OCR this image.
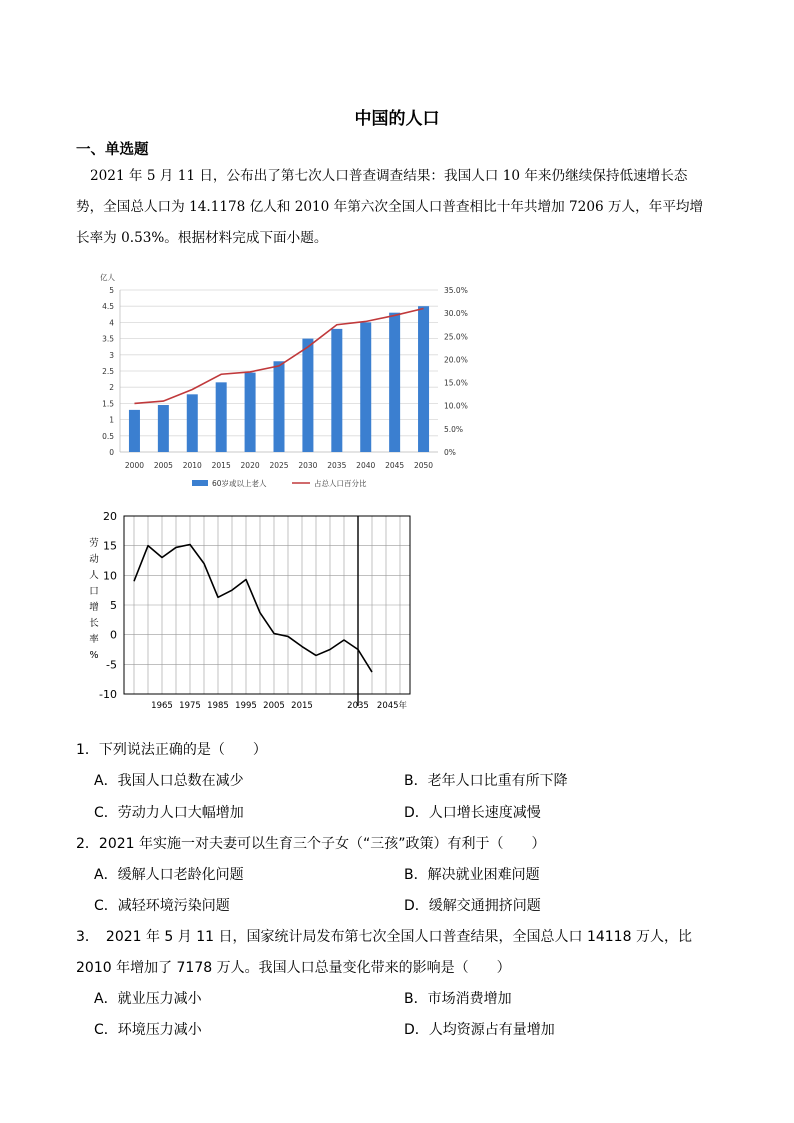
中国的人口
一、单选题
2021 年 5 月 11 日，公布出了第七次人口普查调查结果：我国人口 10 年来仍继续保持低速增长态
势，全国总人口为 14.1178 亿人和 2010 年第六次全国人口普查相比十年共增加 7206 万人，年平均增
长率为 0.53%。根据材料完成下面小题。
0
0.5
1
1.5
2
2.5
3
3.5
4
4.5
5
0%
5.0%
10.0%
15.0%
20.0%
25.0%
30.0%
35.0%
亿人
2000 2005 2010 2015 2020 2025 2030 2035 2040 2045 2050
60岁或以上老人	占总人口百分比
20
15
10
5
0
-5
-10
劳
动
人
口
增
长
率
%
1965 1975 1985 1995 2005 2015	2035 2045年
1．下列说法正确的是（　　）
A．我国人口总数在减少	B．老年人口比重有所下降
C．劳动力人口大幅增加	D．人口增长速度减慢
2．2021 年实施一对夫妻可以生育三个子女（“三孩”政策）有利于（　　）
A．缓解人口老龄化问题	B．解决就业困难问题
C．减轻环境污染问题	D．缓解交通拥挤问题
3．　2021 年 5 月 11 日，国家统计局发布第七次全国人口普查结果，全国总人口 14118 万人，比
2010 年增加了 7178 万人。我国人口总量变化带来的影响是（　　）
A．就业压力减小	B．市场消费增加
C．环境压力减小	D．人均资源占有量增加
